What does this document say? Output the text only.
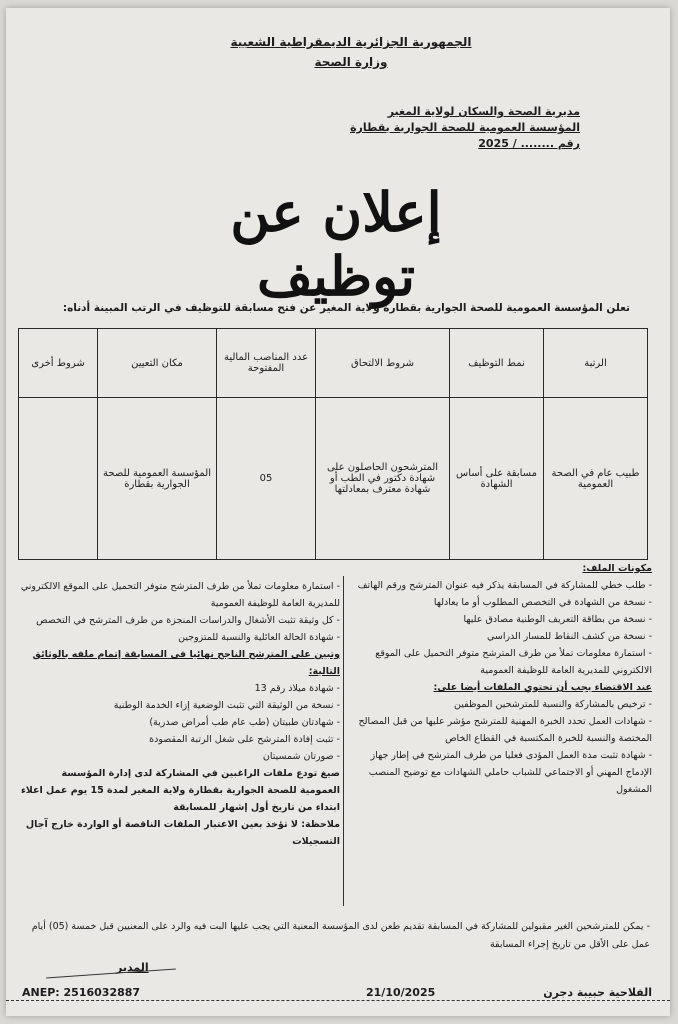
الجمهورية الجزائرية الديمقراطية الشعبية
وزارة الصحة
مديرية الصحة والسكان لولاية المغير
المؤسسة العمومية للصحة الجوارية بقطارة
رقم ........ / 2025
إعلان عن توظيف
تعلن المؤسسة العمومية للصحة الجوارية بقطارة ولاية المغير عن فتح مسابقة للتوظيف في الرتب المبينة أدناه:
الرتبة	نمط التوظيف	شروط الالتحاق	عدد المناصب المالية المفتوحة	مكان التعيين	شروط أخرى
طبيب عام في الصحة العمومية	مسابقة على أساس الشهادة	المترشحون الحاصلون على شهادة دكتور في الطب أو شهادة معترف بمعادلتها	05	المؤسسة العمومية للصحة الجوارية بقطارة	
مكونات الملف:
- طلب خطي للمشاركة في المسابقة يذكر فيه عنوان المترشح ورقم الهاتف
- نسخة من الشهادة في التخصص المطلوب أو ما يعادلها
- نسخة من بطاقة التعريف الوطنية مصادق عليها
- نسخة من كشف النقاط للمسار الدراسي
- استمارة معلومات تملأ من طرف المترشح متوفر التحميل على الموقع الالكتروني للمديرية العامة للوظيفة العمومية
عند الاقتضاء يجب أن تحتوي الملفات أيضا على:
- ترخيص بالمشاركة والنسبة للمترشحين الموظفين
- شهادات العمل تحدد الخبرة المهنية للمترشح مؤشر عليها من قبل المصالح المختصة والنسبة للخبرة المكتسبة في القطاع الخاص
- شهادة تثبت مدة العمل المؤدى فعليا من طرف المترشح في إطار جهاز الإدماج المهني أو الاجتماعي للشباب حاملي الشهادات مع توضيح المنصب المشغول
- استمارة معلومات تملأ من طرف المترشح متوفر التحميل على الموقع الالكتروني للمديرية العامة للوظيفة العمومية
- كل وثيقة تثبت الأشغال والدراسات المنجزة من طرف المترشح في التخصص
- شهادة الحالة العائلية والنسبة للمتزوجين
وتبين على المترشح الناجح نهائيا في المسابقة إتمام ملفه بالوثائق التالية:
- شهادة ميلاد رقم 13
- نسخة من الوثيقة التي تثبت الوضعية إزاء الخدمة الوطنية
- شهادتان طبيتان (طب عام طب أمراض صدرية)
- تثبت إفادة المترشح على شغل الرتبة المقصودة
- صورتان شمسيتان
صيغ تودع ملفات الراغبين في المشاركة لدى إدارة المؤسسة العمومية للصحة الجوارية بقطارة ولاية المغير لمدة 15 يوم عمل اعلاء ابتداء من تاريخ أول إشهار للمسابقة
ملاحظة: لا تؤخذ بعين الاعتبار الملفات الناقصة أو الواردة خارج آجال التسجيلات
- يمكن للمترشحين الغير مقبولين للمشاركة في المسابقة تقديم طعن لدى المؤسسة المعنية التي يجب عليها البت فيه والرد على المعنيين قبل خمسة (05) أيام عمل على الأقل من تاريخ إجراء المسابقة
المدير
ANEP: 2516032887	21/10/2025	الفلاحية حبيبة دجرن
